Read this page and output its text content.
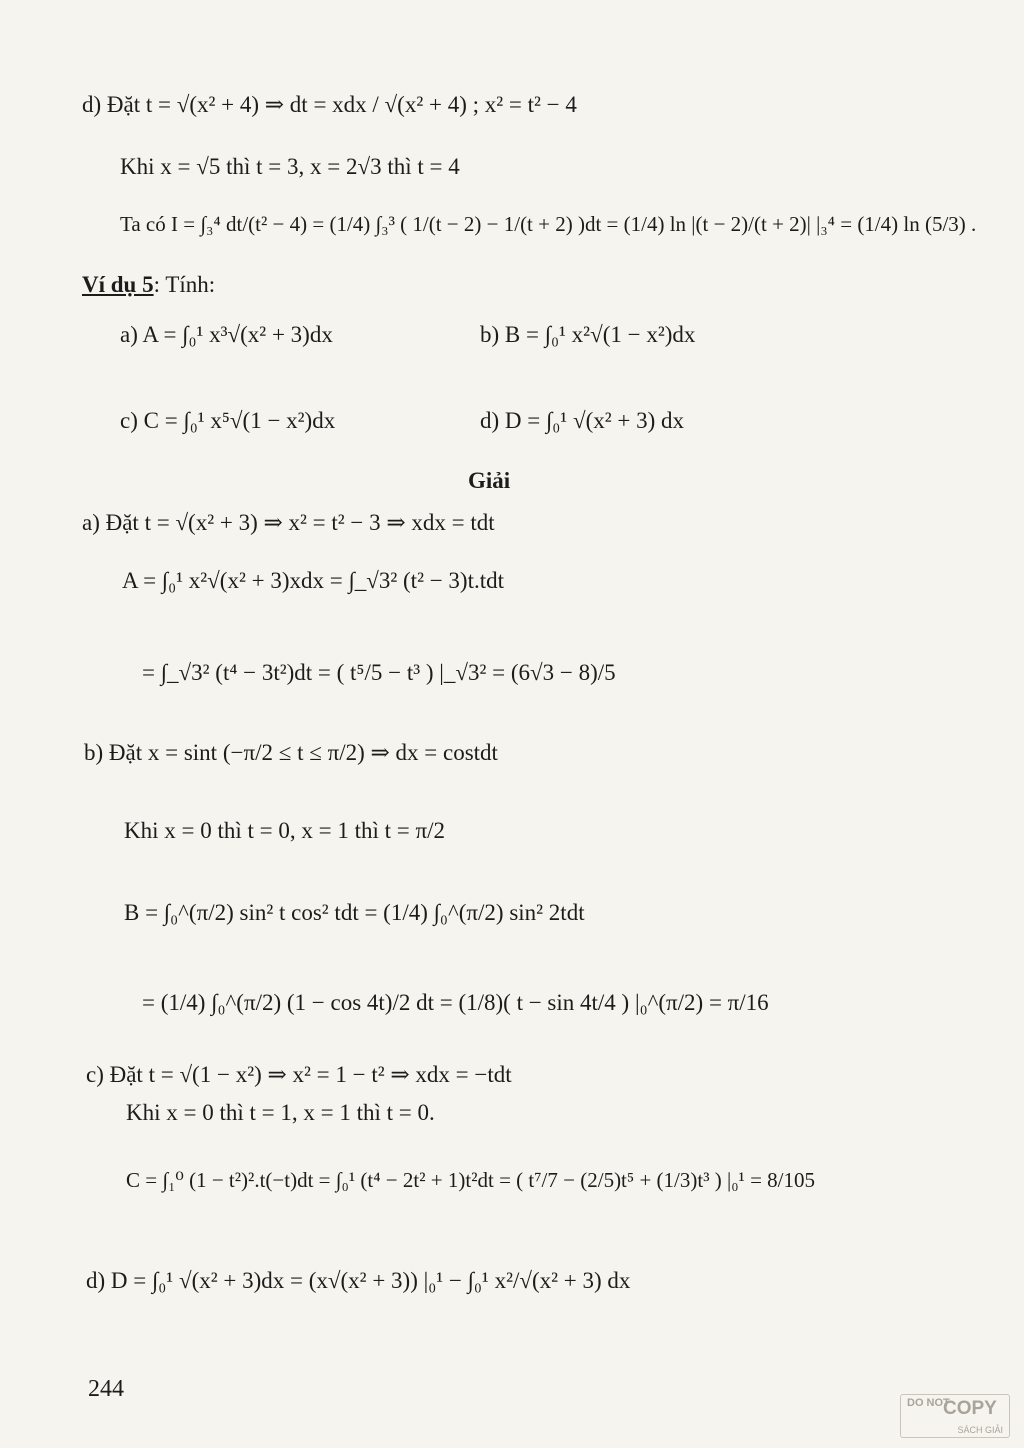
d) Đặt t = √(x² + 4) ⇒ dt = xdx / √(x² + 4) ; x² = t² − 4
Khi x = √5 thì t = 3, x = 2√3 thì t = 4
Ta có I = ∫₃⁴ dt/(t² − 4) = (1/4) ∫₃³ ( 1/(t − 2) − 1/(t + 2) )dt = (1/4) ln |(t − 2)/(t + 2)| |₃⁴ = (1/4) ln (5/3) .
Ví dụ 5: Tính:
a) A = ∫₀¹ x³√(x² + 3)dx	b) B = ∫₀¹ x²√(1 − x²)dx
c) C = ∫₀¹ x⁵√(1 − x²)dx	d) D = ∫₀¹ √(x² + 3) dx
Giải
a) Đặt t = √(x² + 3) ⇒ x² = t² − 3 ⇒ xdx = tdt
A = ∫₀¹ x²√(x² + 3)xdx = ∫_√3² (t² − 3)t.tdt
= ∫_√3² (t⁴ − 3t²)dt = ( t⁵/5 − t³ ) |_√3² = (6√3 − 8)/5
b) Đặt x = sint (−π/2 ≤ t ≤ π/2) ⇒ dx = costdt
Khi x = 0 thì t = 0, x = 1 thì t = π/2
B = ∫₀^(π/2) sin² t cos² tdt = (1/4) ∫₀^(π/2) sin² 2tdt
= (1/4) ∫₀^(π/2) (1 − cos 4t)/2 dt = (1/8)( t − sin 4t/4 ) |₀^(π/2) = π/16
c) Đặt t = √(1 − x²) ⇒ x² = 1 − t² ⇒ xdx = −tdt
Khi x = 0 thì t = 1, x = 1 thì t = 0.
C = ∫₁⁰ (1 − t²)².t(−t)dt = ∫₀¹ (t⁴ − 2t² + 1)t²dt = ( t⁷/7 − (2/5)t⁵ + (1/3)t³ ) |₀¹ = 8/105
d) D = ∫₀¹ √(x² + 3)dx = (x√(x² + 3)) |₀¹ − ∫₀¹ x²/√(x² + 3) dx
244
DO NOT
COPY
SÁCH GIẢI
